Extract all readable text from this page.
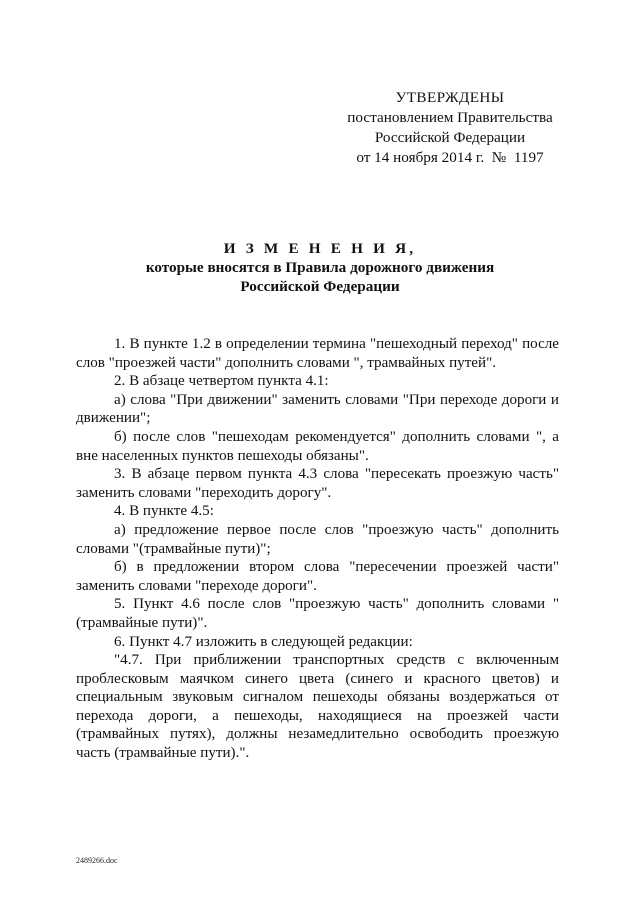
УТВЕРЖДЕНЫ
постановлением Правительства
Российской Федерации
от 14 ноября 2014 г.  №  1197
И З М Е Н Е Н И Я,
которые вносятся в Правила дорожного движения
Российской Федерации

1. В пункте 1.2 в определении термина "пешеходный переход" после слов "проезжей части" дополнить словами ", трамвайных путей".

2. В абзаце четвертом пункта 4.1:

а) слова "При движении" заменить словами "При переходе дороги и движении";

б) после слов "пешеходам рекомендуется" дополнить словами ", а вне населенных пунктов пешеходы обязаны".

3. В абзаце первом пункта 4.3 слова "пересекать проезжую часть" заменить словами "переходить дорогу".

4. В пункте 4.5:

а) предложение первое после слов "проезжую часть" дополнить словами "(трамвайные пути)";

б) в предложении втором слова "пересечении проезжей части" заменить словами "переходе дороги".

5. Пункт 4.6 после слов "проезжую часть" дополнить словами "(трамвайные пути)".

6. Пункт 4.7 изложить в следующей редакции:

"4.7. При приближении транспортных средств с включенным проблесковым маячком синего цвета (синего и красного цветов) и специальным звуковым сигналом пешеходы обязаны воздержаться от перехода дороги, а пешеходы, находящиеся на проезжей части (трамвайных путях), должны незамедлительно освободить проезжую часть (трамвайные пути).".

2489266.doc
